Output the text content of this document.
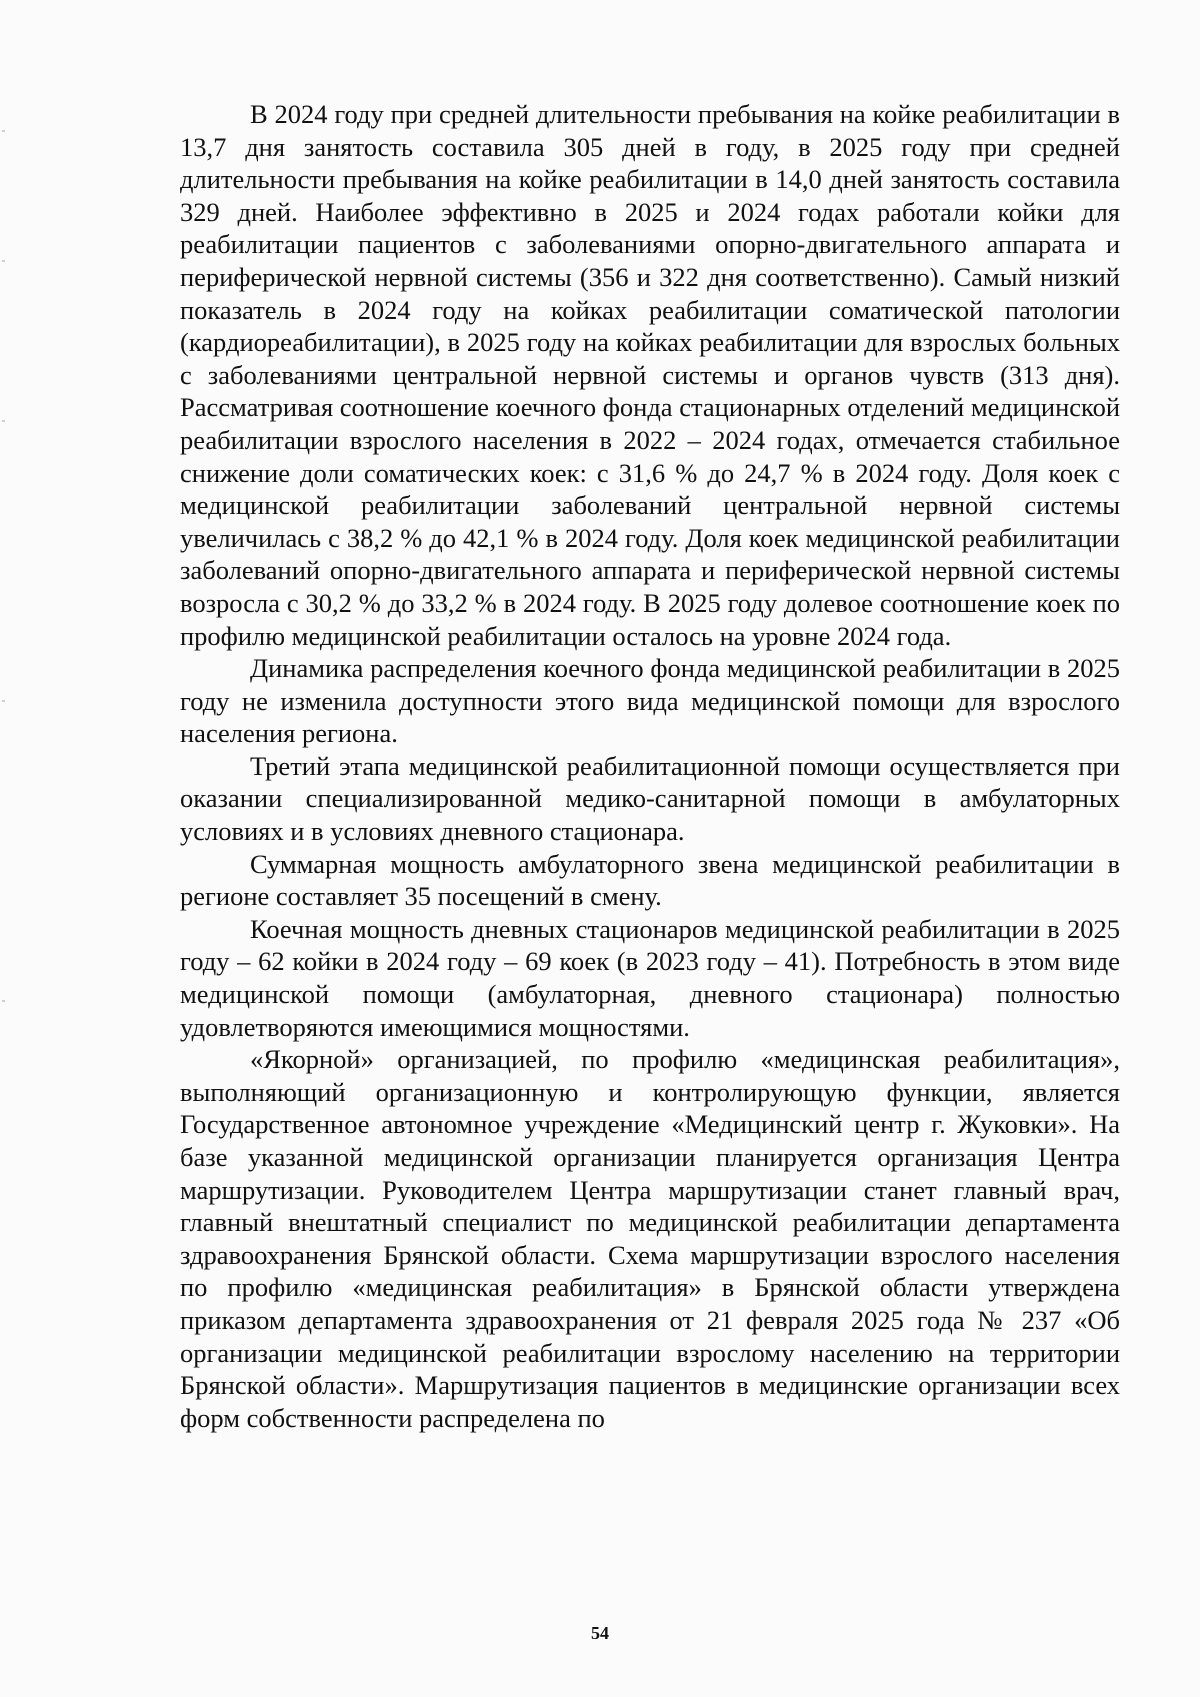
В 2024 году при средней длительности пребывания на койке реабилитации в 13,7 дня занятость составила 305 дней в году, в 2025 году при средней длительности пребывания на койке реабилитации в 14,0 дней занятость составила 329 дней. Наиболее эффективно в 2025 и 2024 годах работали койки для реабилитации пациентов с заболеваниями опорно-двигательного аппарата и периферической нервной системы (356 и 322 дня соответственно). Самый низкий показатель в 2024 году на койках реабилитации соматической патологии (кардиореабилитации), в 2025 году на койках реабилитации для взрослых больных с заболеваниями центральной нервной системы и органов чувств (313 дня). Рассматривая соотношение коечного фонда стационарных отделений медицинской реабилитации взрослого населения в 2022 – 2024 годах, отмечается стабильное снижение доли соматических коек: с 31,6 % до 24,7 % в 2024 году. Доля коек с медицинской реабилитации заболеваний центральной нервной системы увеличилась с 38,2 % до 42,1 % в 2024 году. Доля коек медицинской реабилитации заболеваний опорно-двигательного аппарата и периферической нервной системы возросла с 30,2 % до 33,2 % в 2024 году. В 2025 году долевое соотношение коек по профилю медицинской реабилитации осталось на уровне 2024 года.

Динамика распределения коечного фонда медицинской реабилитации в 2025 году не изменила доступности этого вида медицинской помощи для взрослого населения региона.

Третий этапа медицинской реабилитационной помощи осуществляется при оказании специализированной медико-санитарной помощи в амбулаторных условиях и в условиях дневного стационара.

Суммарная мощность амбулаторного звена медицинской реабилитации в регионе составляет 35 посещений в смену.

Коечная мощность дневных стационаров медицинской реабилитации в 2025 году – 62 койки в 2024 году – 69 коек (в 2023 году – 41). Потребность в этом виде медицинской помощи (амбулаторная, дневного стационара) полностью удовлетворяются имеющимися мощностями.

«Якорной» организацией, по профилю «медицинская реабилитация», выполняющий организационную и контролирующую функции, является Государственное автономное учреждение «Медицинский центр г. Жуковки». На базе указанной медицинской организации планируется организация Центра маршрутизации. Руководителем Центра маршрутизации станет главный врач, главный внештатный специалист по медицинской реабилитации департамента здравоохранения Брянской области. Схема маршрутизации взрослого населения по профилю «медицинская реабилитация» в Брянской области утверждена приказом департамента здравоохранения от 21 февраля 2025 года № 237 «Об организации медицинской реабилитации взрослому населению на территории Брянской области». Маршрутизация пациентов в медицинские организации всех форм собственности распределена по

54
